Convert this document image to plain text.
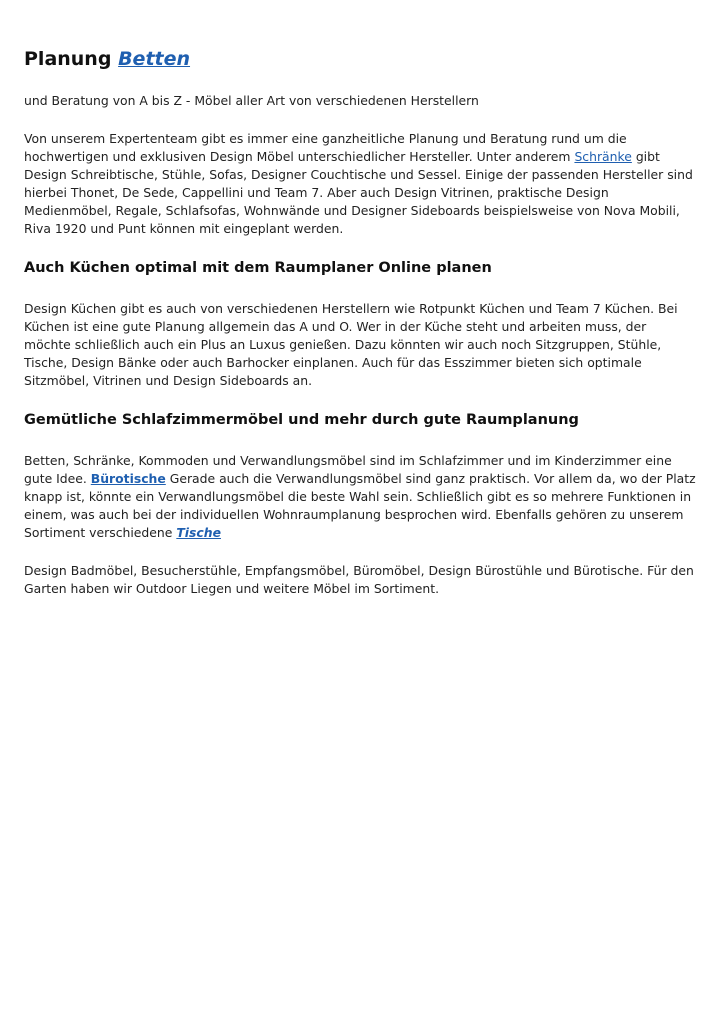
Planung Betten

und Beratung von A bis Z - Möbel aller Art von verschiedenen Herstellern

Von unserem Expertenteam gibt es immer eine ganzheitliche Planung und Beratung rund um die hochwertigen und exklusiven Design Möbel unterschiedlicher Hersteller. Unter anderem Schränke gibt Design Schreibtische, Stühle, Sofas, Designer Couchtische und Sessel. Einige der passenden Hersteller sind hierbei Thonet, De Sede, Cappellini und Team 7. Aber auch Design Vitrinen, praktische Design Medienmöbel, Regale, Schlafsofas, Wohnwände und Designer Sideboards beispielsweise von Nova Mobili, Riva 1920 und Punt können mit eingeplant werden.

Auch Küchen optimal mit dem Raumplaner Online planen

Design Küchen gibt es auch von verschiedenen Herstellern wie Rotpunkt Küchen und Team 7 Küchen. Bei Küchen ist eine gute Planung allgemein das A und O. Wer in der Küche steht und arbeiten muss, der möchte schließlich auch ein Plus an Luxus genießen. Dazu könnten wir auch noch Sitzgruppen, Stühle, Tische, Design Bänke oder auch Barhocker einplanen. Auch für das Esszimmer bieten sich optimale Sitzmöbel, Vitrinen und Design Sideboards an.

Gemütliche Schlafzimmermöbel und mehr durch gute Raumplanung

Betten, Schränke, Kommoden und Verwandlungsmöbel sind im Schlafzimmer und im Kinderzimmer eine gute Idee. Bürotische Gerade auch die Verwandlungsmöbel sind ganz praktisch. Vor allem da, wo der Platz knapp ist, könnte ein Verwandlungsmöbel die beste Wahl sein. Schließlich gibt es so mehrere Funktionen in einem, was auch bei der individuellen Wohnraumplanung besprochen wird. Ebenfalls gehören zu unserem Sortiment verschiedene Tische

Design Badmöbel, Besucherstühle, Empfangsmöbel, Büromöbel, Design Bürostühle und Bürotische. Für den Garten haben wir Outdoor Liegen und weitere Möbel im Sortiment.
